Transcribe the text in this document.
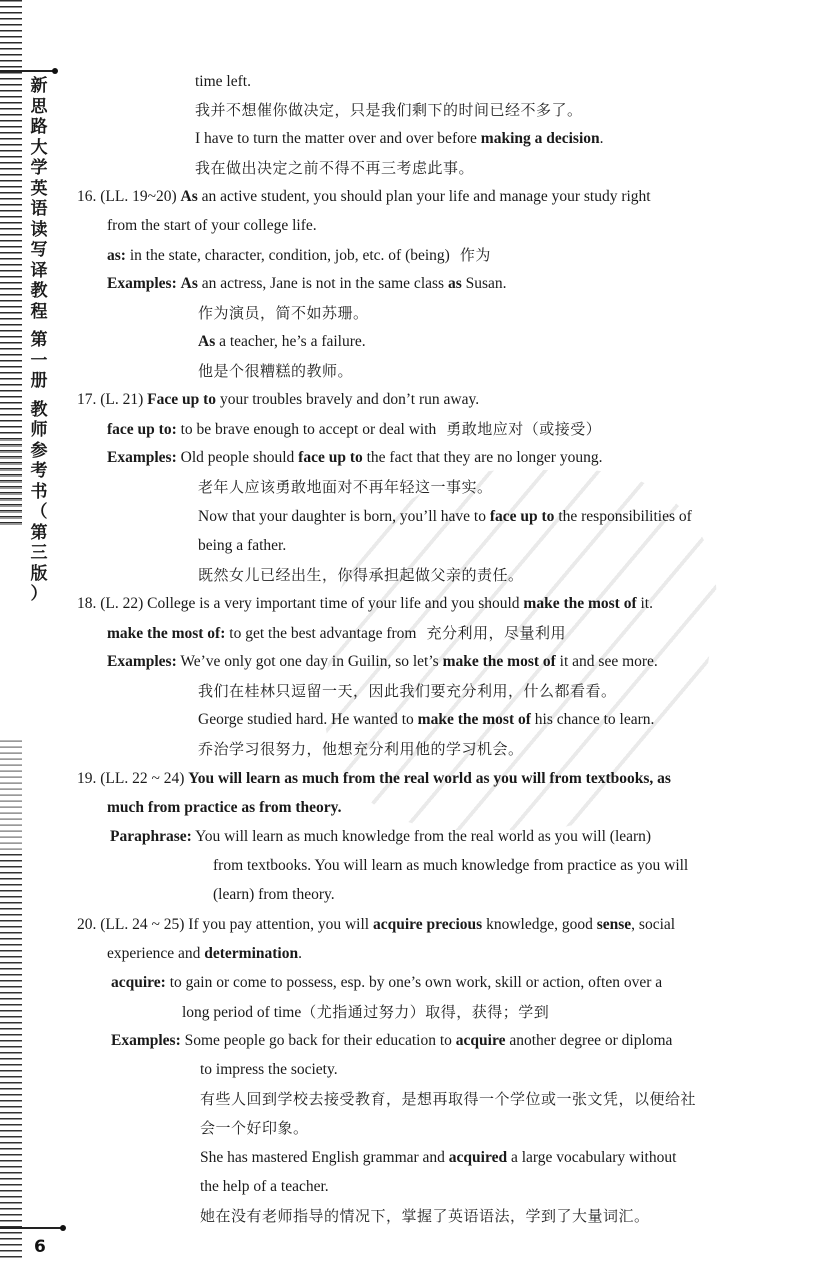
新
思
路
大
学
英
语
读
写
译
教
程
第
一
册
教
师
参
考
书
（
第
三
版
）
6
time left.
我并不想催你做决定，只是我们剩下的时间已经不多了。
I have to turn the matter over and over before making a decision.
我在做出决定之前不得不再三考虑此事。
16. (LL. 19~20) As an active student, you should plan your life and manage your study right
from the start of your college life.
as: in the state, character, condition, job, etc. of (being) 作为
Examples: As an actress, Jane is not in the same class as Susan.
作为演员，简不如苏珊。
As a teacher, he’s a failure.
他是个很糟糕的教师。
17. (L. 21) Face up to your troubles bravely and don’t run away.
face up to: to be brave enough to accept or deal with 勇敢地应对（或接受）
Examples: Old people should face up to the fact that they are no longer young.
老年人应该勇敢地面对不再年轻这一事实。
Now that your daughter is born, you’ll have to face up to the responsibilities of
being a father.
既然女儿已经出生，你得承担起做父亲的责任。
18. (L. 22) College is a very important time of your life and you should make the most of it.
make the most of: to get the best advantage from 充分利用，尽量利用
Examples: We’ve only got one day in Guilin, so let’s make the most of it and see more.
我们在桂林只逗留一天，因此我们要充分利用，什么都看看。
George studied hard. He wanted to make the most of his chance to learn.
乔治学习很努力，他想充分利用他的学习机会。
19. (LL. 22 ~ 24) You will learn as much from the real world as you will from textbooks, as
much from practice as from theory.
Paraphrase: You will learn as much knowledge from the real world as you will (learn)
from textbooks. You will learn as much knowledge from practice as you will
(learn) from theory.
20. (LL. 24 ~ 25) If you pay attention, you will acquire precious knowledge, good sense, social
experience and determination.
acquire: to gain or come to possess, esp. by one’s own work, skill or action, often over a
long period of time（尤指通过努力）取得，获得；学到
Examples: Some people go back for their education to acquire another degree or diploma
to impress the society.
有些人回到学校去接受教育，是想再取得一个学位或一张文凭，以便给社
会一个好印象。
She has mastered English grammar and acquired a large vocabulary without
the help of a teacher.
她在没有老师指导的情况下，掌握了英语语法，学到了大量词汇。
